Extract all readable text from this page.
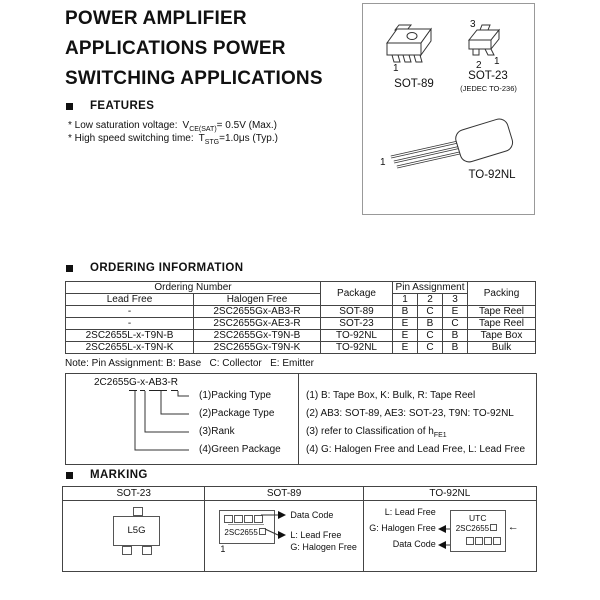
POWER AMPLIFIER
APPLICATIONS POWER
SWITCHING APPLICATIONS	1
SOT-89
3
2 1
SOT-23
(JEDEC TO-236)
1
TO-92NL
FEATURES
* Low saturation voltage: $V_{CE(SAT)}= 0.5V$ (Max.)
* High speed switching time: $T_{STG}=1.0\mu s$ (Typ.)
ORDERING INFORMATION
Ordering Number		Package	Pin Assignment			Packing
Lead Free	Halogen Free		1	2	3	
-	2SC2655Gx-AB3-R	SOT-89	B	C	E	Tape Reel
-	2SC2655Gx-AE3-R	SOT-23	E	B	C	Tape Reel
2SC2655L-x-T9N-B	2SC2655Gx-T9N-B	TO-92NL	E	C	B	Tape Box
2SC2655L-x-T9N-K	2SC2655Gx-T9N-K	TO-92NL	E	C	B	Bulk
Note: Pin Assignment: B: Base   C: Collector   E: Emitter
2C2655 G - x - AB3 - R
(1)Packing Type
(2)Package Type
(3)Rank
(4)Green Package
(1) B: Tape Box, K: Bulk, R: Tape Reel
(2) AB3: SOT-89, AE3: SOT-23, T9N: TO-92NL
(3) refer to Classification of $h_{FE1}$
(4) G: Halogen Free and Lead Free, L: Lead Free
MARKING
SOT-23	SOT-89	TO-92NL
L5G	2SC2655
1
Data Code
L: Lead Free
G: Halogen Free
L: Lead Free
G: Halogen Free
Data Code
UTC
2SC2655	←
